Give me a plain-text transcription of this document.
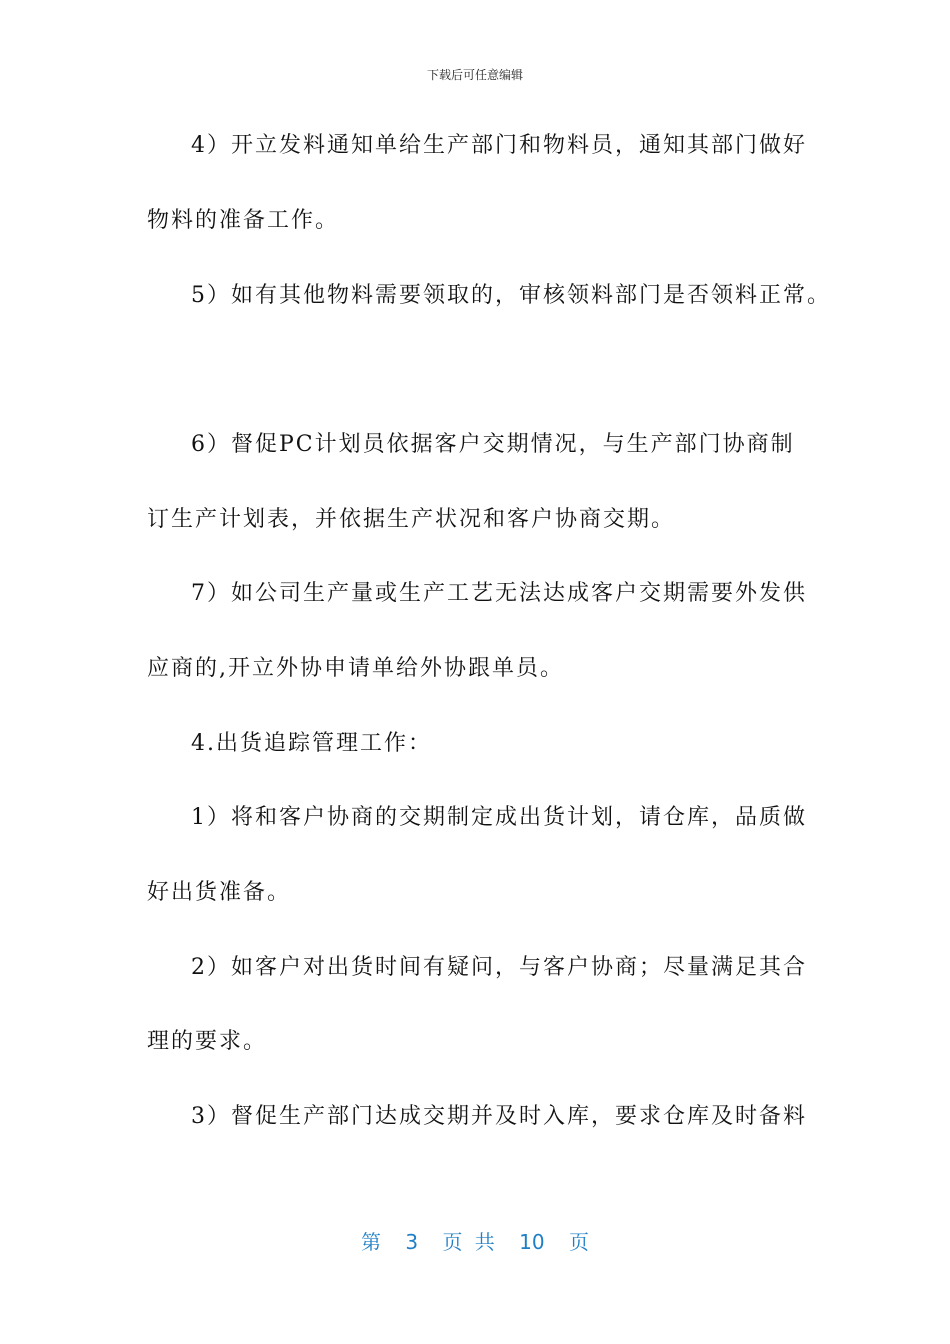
下载后可任意编辑
4）开立发料通知单给生产部门和物料员，通知其部门做好
物料的准备工作。
5）如有其他物料需要领取的，审核领料部门是否领料正常。
6）督促PC计划员依据客户交期情况，与生产部门协商制
订生产计划表，并依据生产状况和客户协商交期。
7）如公司生产量或生产工艺无法达成客户交期需要外发供
应商的,开立外协申请单给外协跟单员。
4.出货追踪管理工作：
1）将和客户协商的交期制定成出货计划，请仓库，品质做
好出货准备。
2）如客户对出货时间有疑问，与客户协商；尽量满足其合
理的要求。
3）督促生产部门达成交期并及时入库，要求仓库及时备料
第 3 页 共 10 页
